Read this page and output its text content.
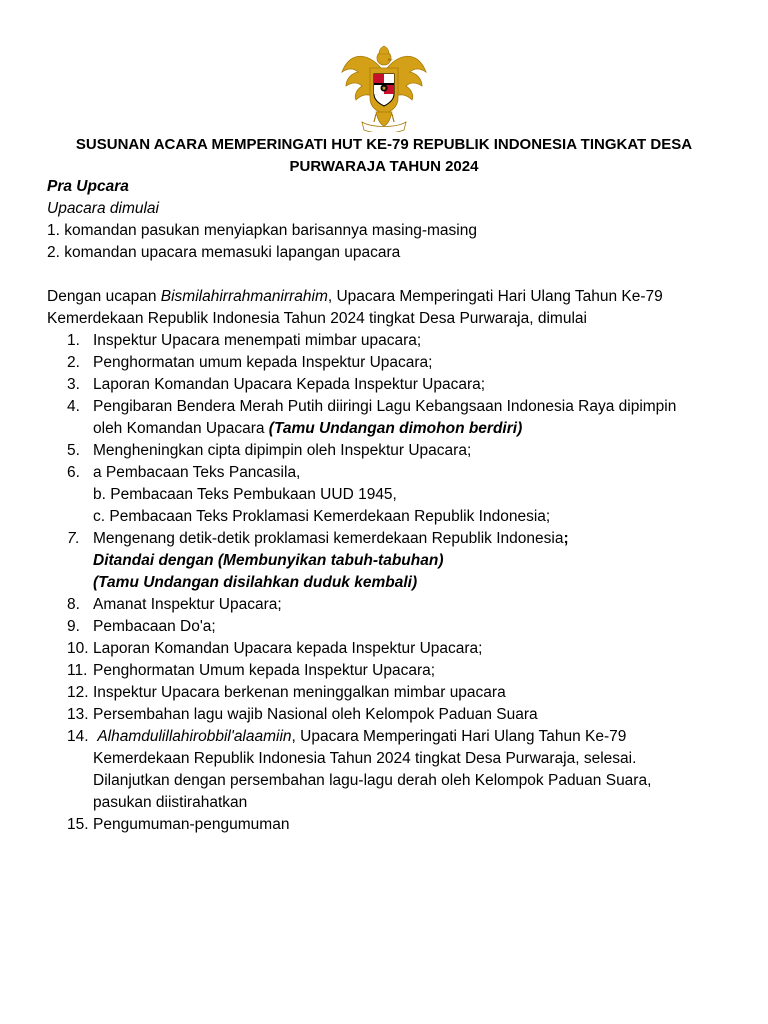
SUSUNAN ACARA MEMPERINGATI HUT KE-79 REPUBLIK INDONESIA TINGKAT DESA
PURWARAJA TAHUN 2024
Pra Upcara
Upacara dimulai
1. komandan pasukan menyiapkan barisannya masing-masing
2. komandan upacara memasuki lapangan upacara
Dengan ucapan Bismilahirrahmanirrahim, Upacara Memperingati Hari Ulang Tahun Ke-79
Kemerdekaan Republik Indonesia Tahun 2024 tingkat Desa Purwaraja, dimulai
1. Inspektur Upacara menempati mimbar upacara;
2. Penghormatan umum kepada Inspektur Upacara;
3. Laporan Komandan Upacara Kepada Inspektur Upacara;
4. Pengibaran Bendera Merah Putih diiringi Lagu Kebangsaan Indonesia Raya dipimpin
oleh Komandan Upacara (Tamu Undangan dimohon berdiri)
5. Mengheningkan cipta dipimpin oleh Inspektur Upacara;
6. a Pembacaan Teks Pancasila,
b. Pembacaan Teks Pembukaan UUD 1945,
c. Pembacaan Teks Proklamasi Kemerdekaan Republik Indonesia;
7. Mengenang detik-detik proklamasi kemerdekaan Republik Indonesia;
Ditandai dengan (Membunyikan tabuh-tabuhan)
(Tamu Undangan disilahkan duduk kembali)
8. Amanat Inspektur Upacara;
9. Pembacaan Do'a;
10. Laporan Komandan Upacara kepada Inspektur Upacara;
11. Penghormatan Umum kepada Inspektur Upacara;
12. Inspektur Upacara berkenan meninggalkan mimbar upacara
13. Persembahan lagu wajib Nasional oleh Kelompok Paduan Suara
14. Alhamdulillahirobbil'alaamiin, Upacara Memperingati Hari Ulang Tahun Ke-79
Kemerdekaan Republik Indonesia Tahun 2024 tingkat Desa Purwaraja, selesai.
Dilanjutkan dengan persembahan lagu-lagu derah oleh Kelompok Paduan Suara,
pasukan diistirahatkan
15. Pengumuman-pengumuman
